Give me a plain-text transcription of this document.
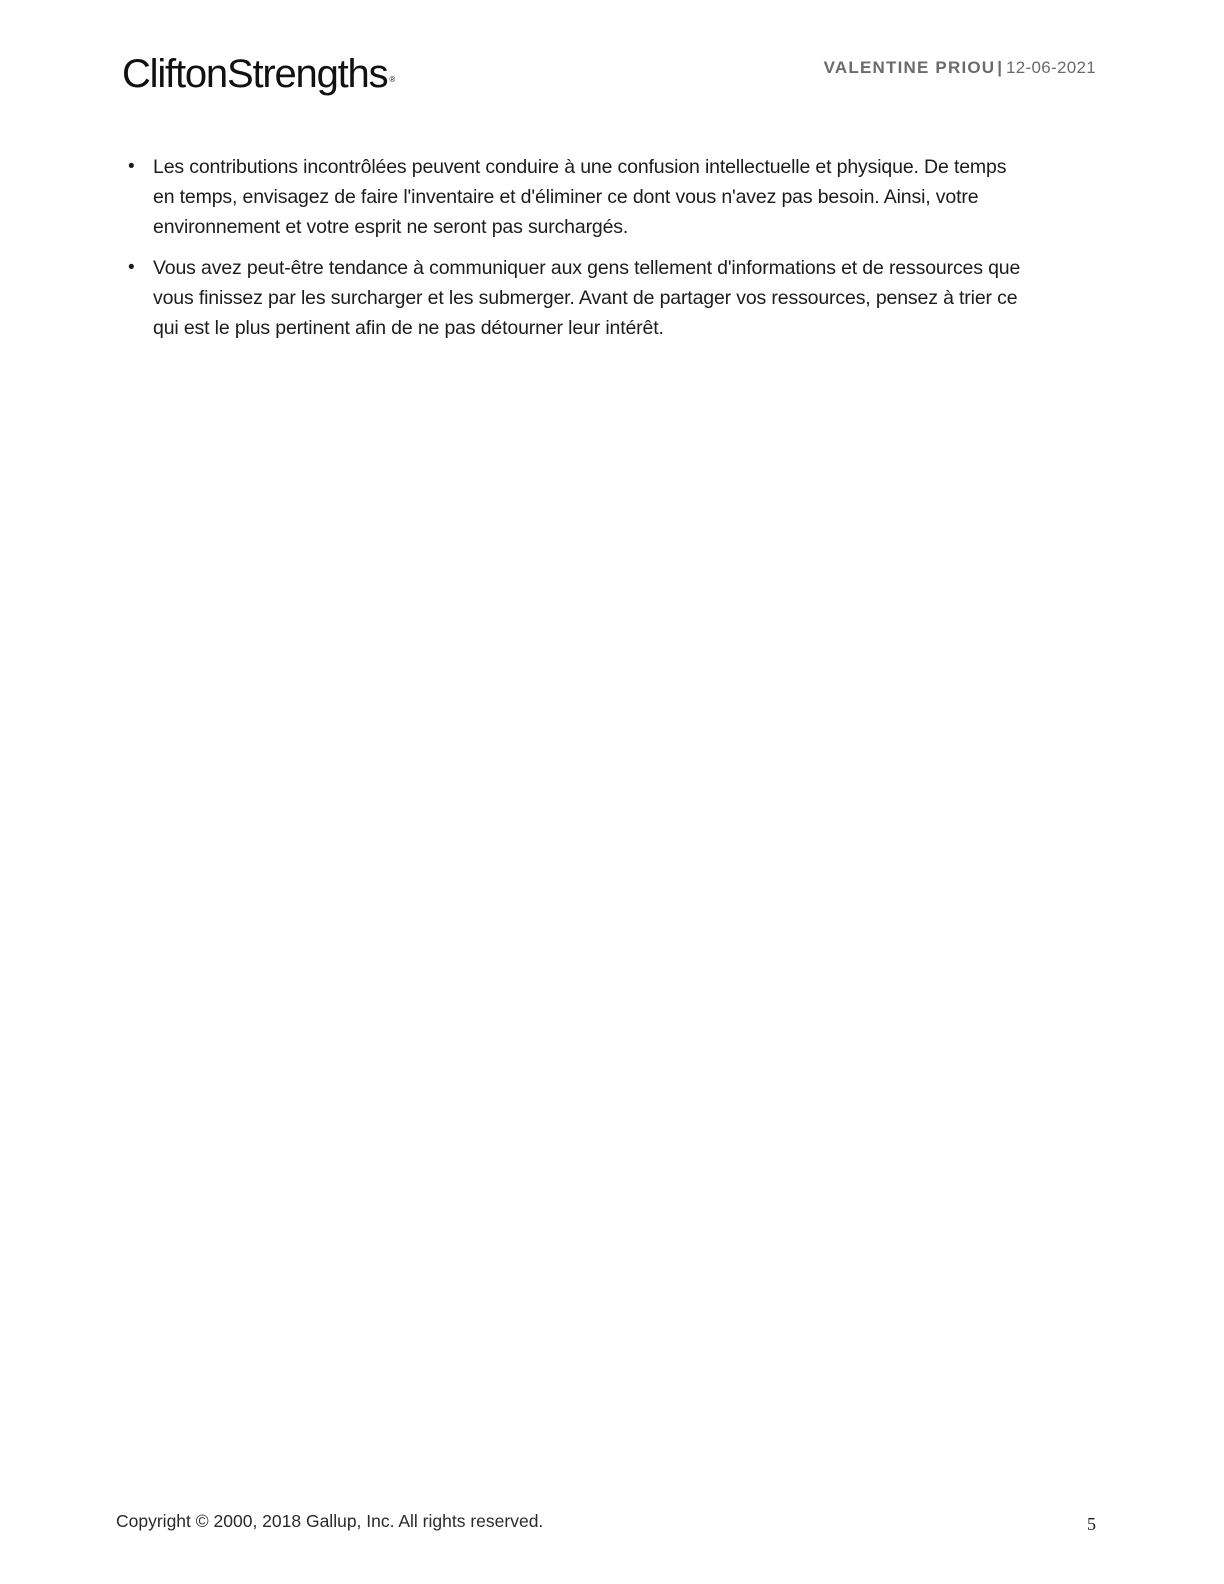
CliftonStrengths ®
VALENTINE PRIOU | 12-06-2021
• Les contributions incontrôlées peuvent conduire à une confusion intellectuelle et physique. De temps en temps, envisagez de faire l'inventaire et d'éliminer ce dont vous n'avez pas besoin. Ainsi, votre environnement et votre esprit ne seront pas surchargés.
• Vous avez peut-être tendance à communiquer aux gens tellement d'informations et de ressources que vous finissez par les surcharger et les submerger. Avant de partager vos ressources, pensez à trier ce qui est le plus pertinent afin de ne pas détourner leur intérêt.
Copyright © 2000, 2018 Gallup, Inc. All rights reserved.	5
